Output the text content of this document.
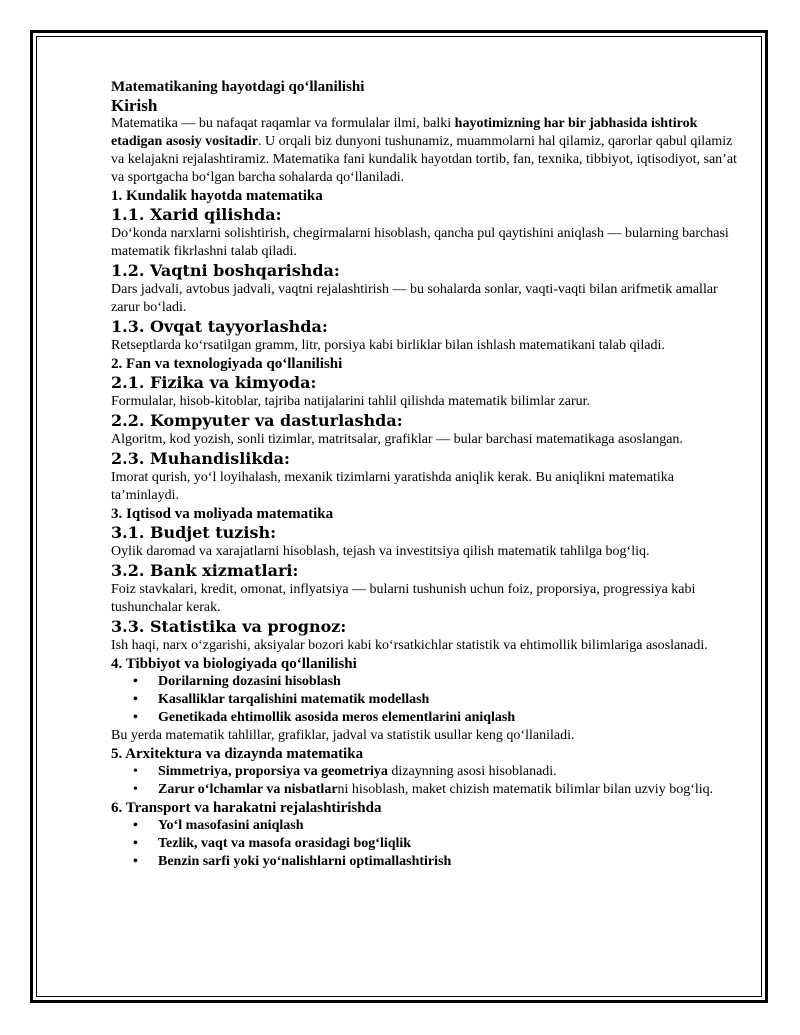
Matematikaning hayotdagi qo‘llanilishi

Kirish

Matematika — bu nafaqat raqamlar va formulalar ilmi, balki hayotimizning har bir jabhasida ishtirok etadigan asosiy vositadir. U orqali biz dunyoni tushunamiz, muammolarni hal qilamiz, qarorlar qabul qilamiz va kelajakni rejalashtiramiz. Matematika fani kundalik hayotdan tortib, fan, texnika, tibbiyot, iqtisodiyot, san’at va sportgacha bo‘lgan barcha sohalarda qo‘llaniladi.

1. Kundalik hayotda matematika

1.1. Xarid qilishda:

Do‘konda narxlarni solishtirish, chegirmalarni hisoblash, qancha pul qaytishini aniqlash — bularning barchasi matematik fikrlashni talab qiladi.

1.2. Vaqtni boshqarishda:

Dars jadvali, avtobus jadvali, vaqtni rejalashtirish — bu sohalarda sonlar, vaqti-vaqti bilan arifmetik amallar zarur bo‘ladi.

1.3. Ovqat tayyorlashda:

Retseptlarda ko‘rsatilgan gramm, litr, porsiya kabi birliklar bilan ishlash matematikani talab qiladi.

2. Fan va texnologiyada qo‘llanilishi

2.1. Fizika va kimyoda:

Formulalar, hisob-kitoblar, tajriba natijalarini tahlil qilishda matematik bilimlar zarur.

2.2. Kompyuter va dasturlashda:

Algoritm, kod yozish, sonli tizimlar, matritsalar, grafiklar — bular barchasi matematikaga asoslangan.

2.3. Muhandislikda:

Imorat qurish, yo‘l loyihalash, mexanik tizimlarni yaratishda aniqlik kerak. Bu aniqlikni matematika ta’minlaydi.

3. Iqtisod va moliyada matematika

3.1. Budjet tuzish:

Oylik daromad va xarajatlarni hisoblash, tejash va investitsiya qilish matematik tahlilga bog‘liq.

3.2. Bank xizmatlari:

Foiz stavkalari, kredit, omonat, inflyatsiya — bularni tushunish uchun foiz, proporsiya, progressiya kabi tushunchalar kerak.

3.3. Statistika va prognoz:

Ish haqi, narx o‘zgarishi, aksiyalar bozori kabi ko‘rsatkichlar statistik va ehtimollik bilimlariga asoslanadi.

4. Tibbiyot va biologiyada qo‘llanilishi

• Dorilarning dozasini hisoblash
• Kasalliklar tarqalishini matematik modellash
• Genetikada ehtimollik asosida meros elementlarini aniqlash

Bu yerda matematik tahlillar, grafiklar, jadval va statistik usullar keng qo‘llaniladi.

5. Arxitektura va dizaynda matematika

• Simmetriya, proporsiya va geometriya dizaynning asosi hisoblanadi.
• Zarur o‘lchamlar va nisbatlarni hisoblash, maket chizish matematik bilimlar bilan uzviy bog‘liq.

6. Transport va harakatni rejalashtirishda

• Yo‘l masofasini aniqlash
• Tezlik, vaqt va masofa orasidagi bog‘liqlik
• Benzin sarfi yoki yo‘nalishlarni optimallashtirish
